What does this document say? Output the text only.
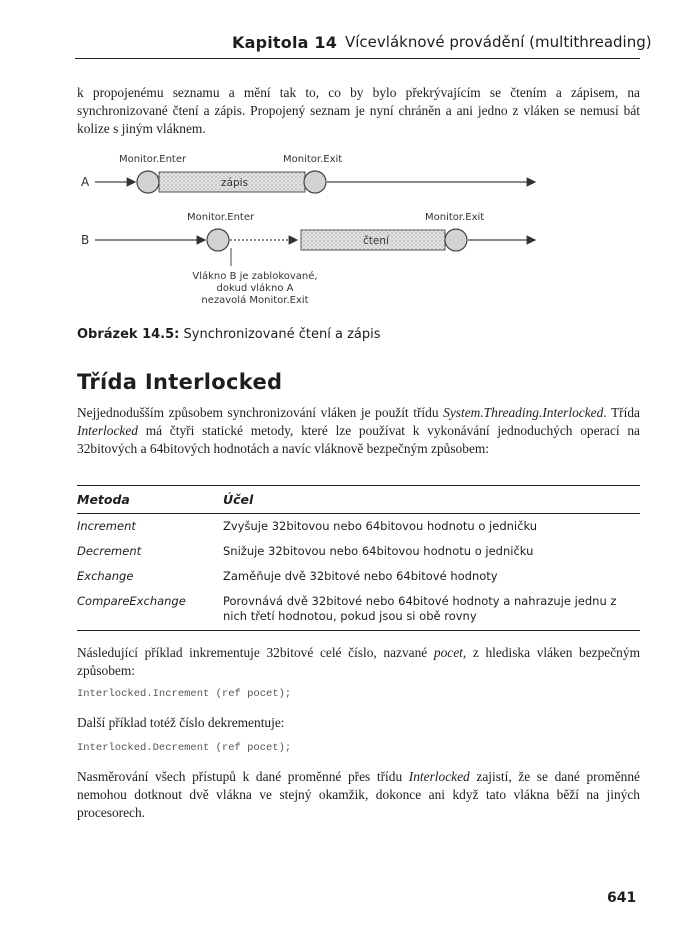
Kapitola 14 Vícevláknové provádění (multithreading)
k propojenému seznamu a mění tak to, co by bylo překrývajícím se čtením a zápisem, na synchronizované čtení a zápis. Propojený seznam je nyní chráněn a ani jedno z vláken se nemusí bát kolize s jiným vláknem.
A
Monitor.Enter	Monitor.Exit
zápis
B
Monitor.Enter	Monitor.Exit
čtení
Vlákno B je zablokované,
dokud vlákno A
nezavolá Monitor.Exit
Obrázek 14.5: Synchronizované čtení a zápis
Třída Interlocked
Nejjednodušším způsobem synchronizování vláken je použít třídu System.Threading.Interlocked. Třída Interlocked má čtyři statické metody, které lze používat k vykonávání jednoduchých operací na 32bitových a 64bitových hodnotách a navíc vláknově bezpečným způsobem:
Metoda	Účel
Increment	Zvyšuje 32bitovou nebo 64bitovou hodnotu o jedničku
Decrement	Snižuje 32bitovou nebo 64bitovou hodnotu o jedničku
Exchange	Zaměňuje dvě 32bitové nebo 64bitové hodnoty
CompareExchange	Porovnává dvě 32bitové nebo 64bitové hodnoty a nahrazuje jednu z nich třetí hodnotou, pokud jsou si obě rovny
Následující příklad inkrementuje 32bitové celé číslo, nazvané pocet, z hlediska vláken bezpečným způsobem:
Interlocked.Increment (ref pocet);
Další příklad totéž číslo dekrementuje:
Interlocked.Decrement (ref pocet);
Nasměrování všech přístupů k dané proměnné přes třídu Interlocked zajistí, že se dané proměnné nemohou dotknout dvě vlákna ve stejný okamžik, dokonce ani když tato vlákna běží na jiných procesorech.
641
